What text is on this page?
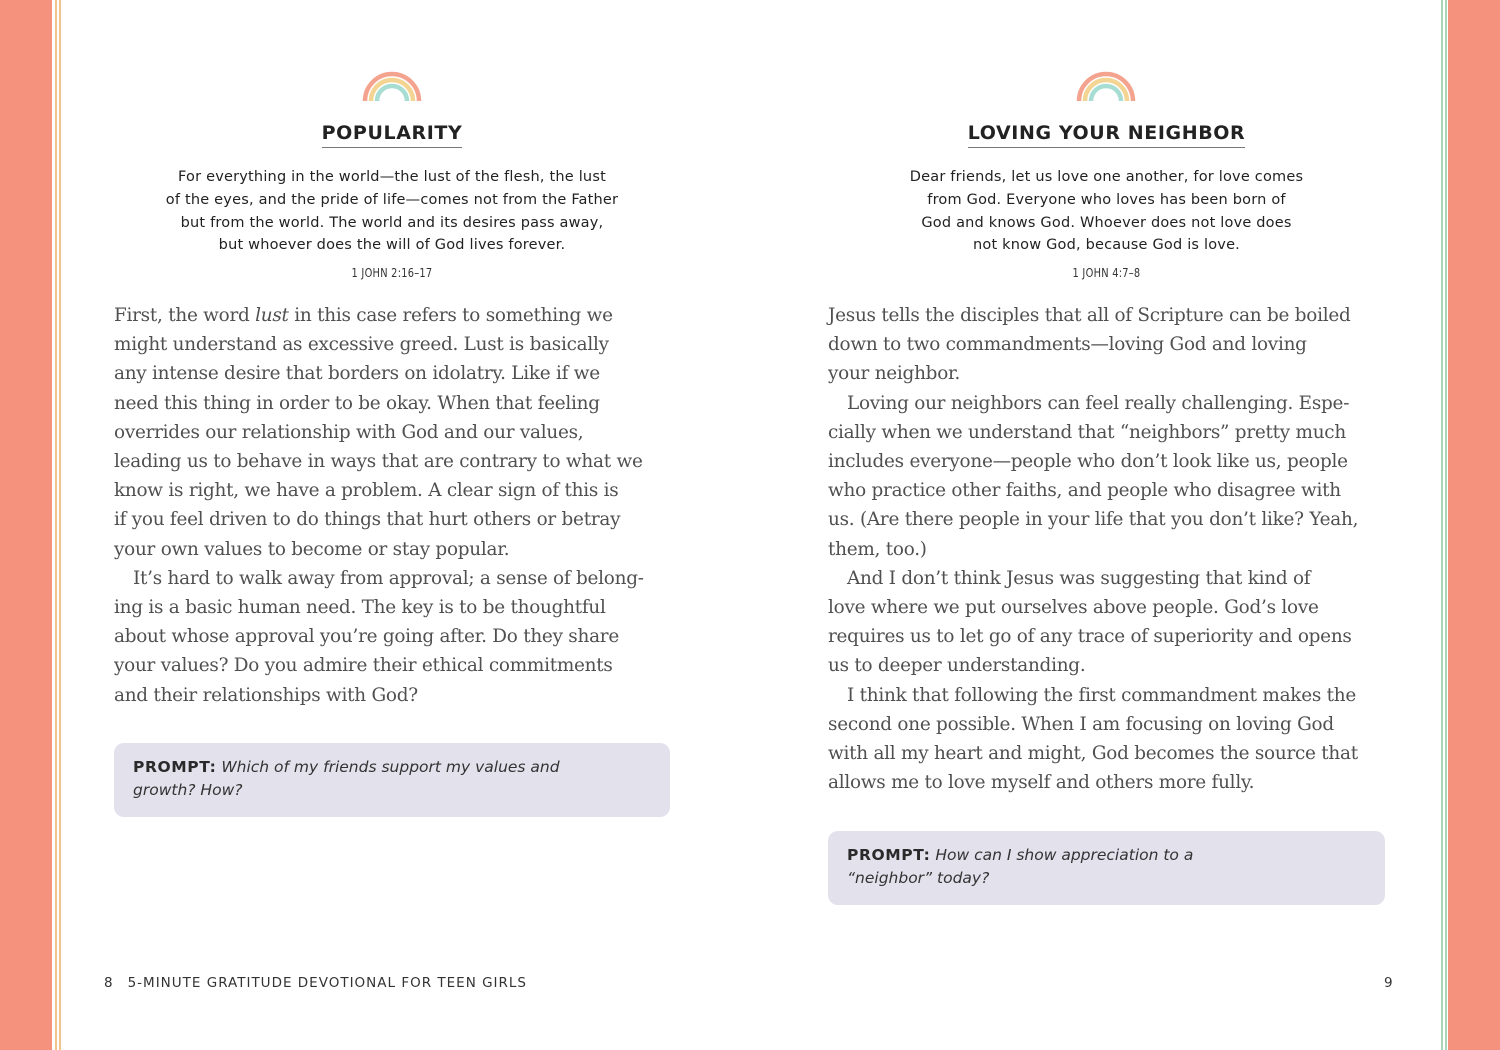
POPULARITY
For everything in the world—the lust of the flesh, the lust
of the eyes, and the pride of life—comes not from the Father
but from the world. The world and its desires pass away,
but whoever does the will of God lives forever.
1 JOHN 2:16–17
First, the word lust in this case refers to something we
might understand as excessive greed. Lust is basically
any intense desire that borders on idolatry. Like if we
need this thing in order to be okay. When that feeling
overrides our relationship with God and our values,
leading us to behave in ways that are contrary to what we
know is right, we have a problem. A clear sign of this is
if you feel driven to do things that hurt others or betray
your own values to become or stay popular.
It’s hard to walk away from approval; a sense of belong-
ing is a basic human need. The key is to be thoughtful
about whose approval you’re going after. Do they share
your values? Do you admire their ethical commitments
and their relationships with God?
PROMPT: Which of my friends support my values and
growth? How?
LOVING YOUR NEIGHBOR
Dear friends, let us love one another, for love comes
from God. Everyone who loves has been born of
God and knows God. Whoever does not love does
not know God, because God is love.
1 JOHN 4:7–8
Jesus tells the disciples that all of Scripture can be boiled
down to two commandments—loving God and loving
your neighbor.
Loving our neighbors can feel really challenging. Espe-
cially when we understand that “neighbors” pretty much
includes everyone—people who don’t look like us, people
who practice other faiths, and people who disagree with
us. (Are there people in your life that you don’t like? Yeah,
them, too.)
And I don’t think Jesus was suggesting that kind of
love where we put ourselves above people. God’s love
requires us to let go of any trace of superiority and opens
us to deeper understanding.
I think that following the first commandment makes the
second one possible. When I am focusing on loving God
with all my heart and might, God becomes the source that
allows me to love myself and others more fully.
PROMPT: How can I show appreciation to a
“neighbor” today?
8 5-MINUTE GRATITUDE DEVOTIONAL FOR TEEN GIRLS	9
